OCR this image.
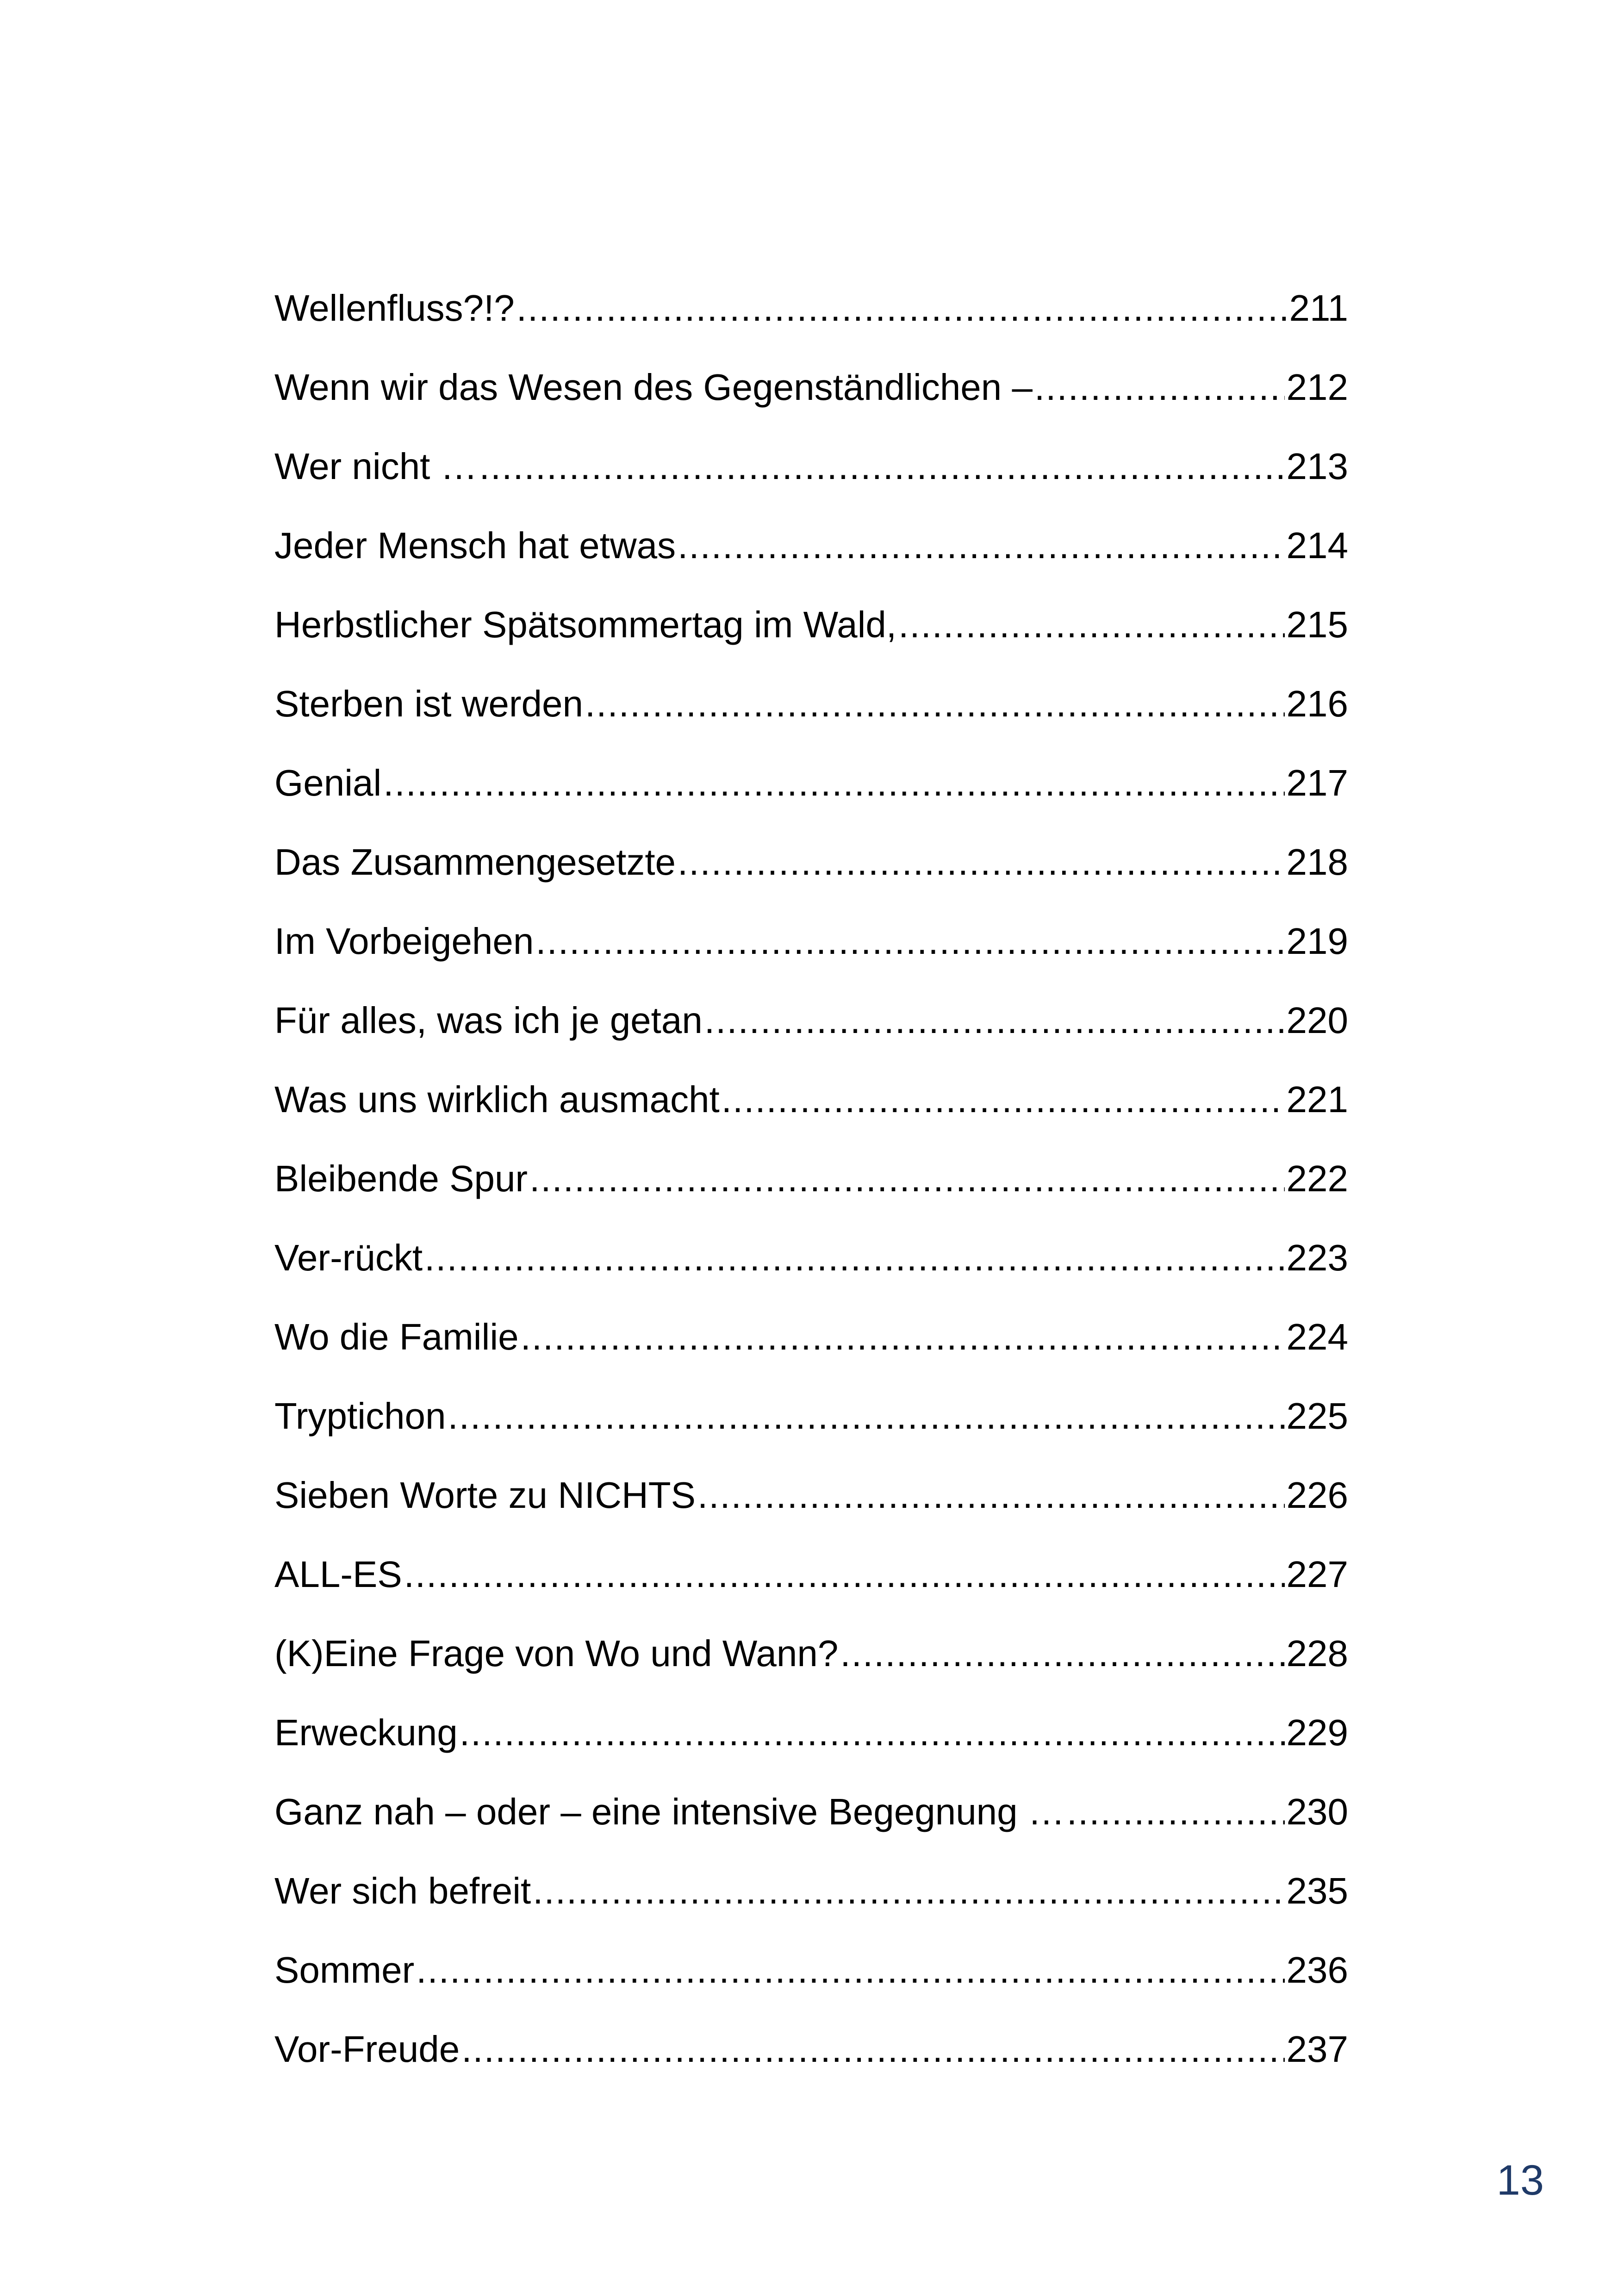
Wellenfluss?!? .....	211
Wenn wir das Wesen des Gegenständlichen – .....	212
Wer nicht … .....	213
Jeder Mensch hat etwas .....	214
Herbstlicher Spätsommertag im Wald, .....	215
Sterben ist werden .....	216
Genial .....	217
Das Zusammengesetzte .....	218
Im Vorbeigehen .....	219
Für alles, was ich je getan .....	220
Was uns wirklich ausmacht .....	221
Bleibende Spur .....	222
Ver-rückt .....	223
Wo die Familie .....	224
Tryptichon .....	225
Sieben Worte zu NICHTS .....	226
ALL-ES .....	227
(K)Eine Frage von Wo und Wann? .....	228
Erweckung .....	229
Ganz nah – oder – eine intensive Begegnung … .....	230
Wer sich befreit .....	235
Sommer .....	236
Vor-Freude .....	237
13
